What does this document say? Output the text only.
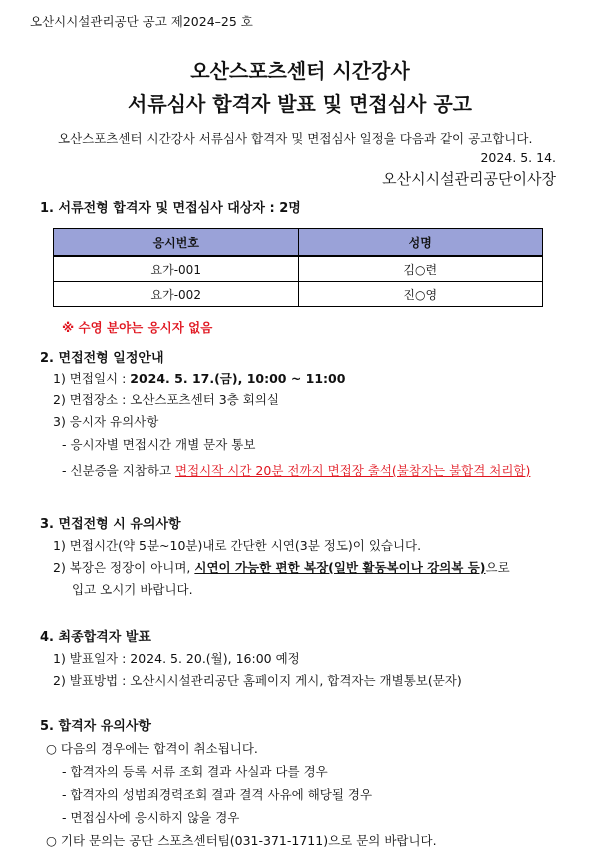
오산시시설관리공단 공고 제2024–25 호
오산스포츠센터 시간강사
서류심사 합격자 발표 및 면접심사 공고
오산스포츠센터 시간강사 서류심사 합격자 및 면접심사 일정을 다음과 같이 공고합니다.
2024. 5. 14.
오산시시설관리공단이사장
1. 서류전형 합격자 및 면접심사 대상자 : 2명
응시번호	성명
요가-001	김○련
요가-002	진○영
※ 수영 분야는 응시자 없음
2. 면접전형 일정안내
1) 면접일시 : 2024. 5. 17.(금), 10:00 ~ 11:00
2) 면접장소 : 오산스포츠센터 3층 회의실
3) 응시자 유의사항
- 응시자별 면접시간 개별 문자 통보
- 신분증을 지참하고 면접시작 시간 20분 전까지 면접장 출석(불참자는 불합격 처리함)
3. 면접전형 시 유의사항
1) 면접시간(약 5분~10분)내로 간단한 시연(3분 정도)이 있습니다.
2) 복장은 정장이 아니며, 시연이 가능한 편한 복장(일반 활동복이나 강의복 등)으로
입고 오시기 바랍니다.
4. 최종합격자 발표
1) 발표일자 : 2024. 5. 20.(월), 16:00 예정
2) 발표방법 : 오산시시설관리공단 홈페이지 게시, 합격자는 개별통보(문자)
5. 합격자 유의사항
○ 다음의 경우에는 합격이 취소됩니다.
- 합격자의 등록 서류 조회 결과 사실과 다를 경우
- 합격자의 성범죄경력조회 결과 결격 사유에 해당될 경우
- 면접심사에 응시하지 않을 경우
○ 기타 문의는 공단 스포츠센터팀(031-371-1711)으로 문의 바랍니다.
